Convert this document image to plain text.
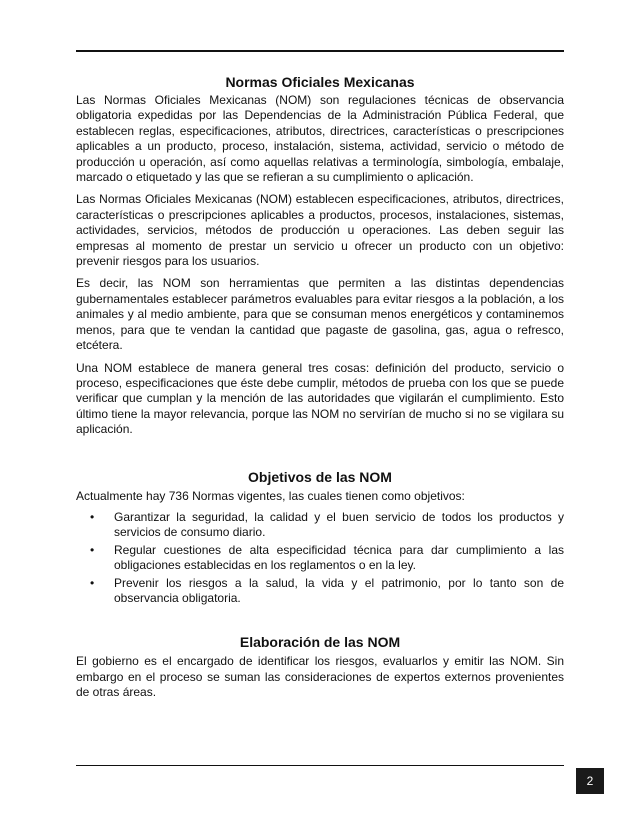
Normas Oficiales Mexicanas

Las Normas Oficiales Mexicanas (NOM) son regulaciones técnicas de observancia obligatoria expedidas por las Dependencias de la Administración Pública Federal, que establecen reglas, especificaciones, atributos, directrices, características o prescripciones aplicables a un producto, proceso, instalación, sistema, actividad, servicio o método de producción u operación, así como aquellas relativas a terminología, simbología, embalaje, marcado o etiquetado y las que se refieran a su cumplimiento o aplicación.

Las Normas Oficiales Mexicanas (NOM) establecen especificaciones, atributos, directrices, características o prescripciones aplicables a productos, procesos, instalaciones, sistemas, actividades, servicios, métodos de producción u operaciones. Las deben seguir las empresas al momento de prestar un servicio u ofrecer un producto con un objetivo: prevenir riesgos para los usuarios.

Es decir, las NOM son herramientas que permiten a las distintas dependencias gubernamentales establecer parámetros evaluables para evitar riesgos a la población, a los animales y al medio ambiente, para que se consuman menos energéticos y contaminemos menos, para que te vendan la cantidad que pagaste de gasolina, gas, agua o refresco, etcétera.

Una NOM establece de manera general tres cosas: definición del producto, servicio o proceso, especificaciones que éste debe cumplir, métodos de prueba con los que se puede verificar que cumplan y la mención de las autoridades que vigilarán el cumplimiento. Esto último tiene la mayor relevancia, porque las NOM no servirían de mucho si no se vigilara su aplicación.

Objetivos de las NOM

Actualmente hay 736 Normas vigentes, las cuales tienen como objetivos:

• Garantizar la seguridad, la calidad y el buen servicio de todos los productos y servicios de consumo diario.
• Regular cuestiones de alta especificidad técnica para dar cumplimiento a las obligaciones establecidas en los reglamentos o en la ley.
• Prevenir los riesgos a la salud, la vida y el patrimonio, por lo tanto son de observancia obligatoria.
Elaboración de las NOM

El gobierno es el encargado de identificar los riesgos, evaluarlos y emitir las NOM. Sin embargo en el proceso se suman las consideraciones de expertos externos provenientes de otras áreas.

2
